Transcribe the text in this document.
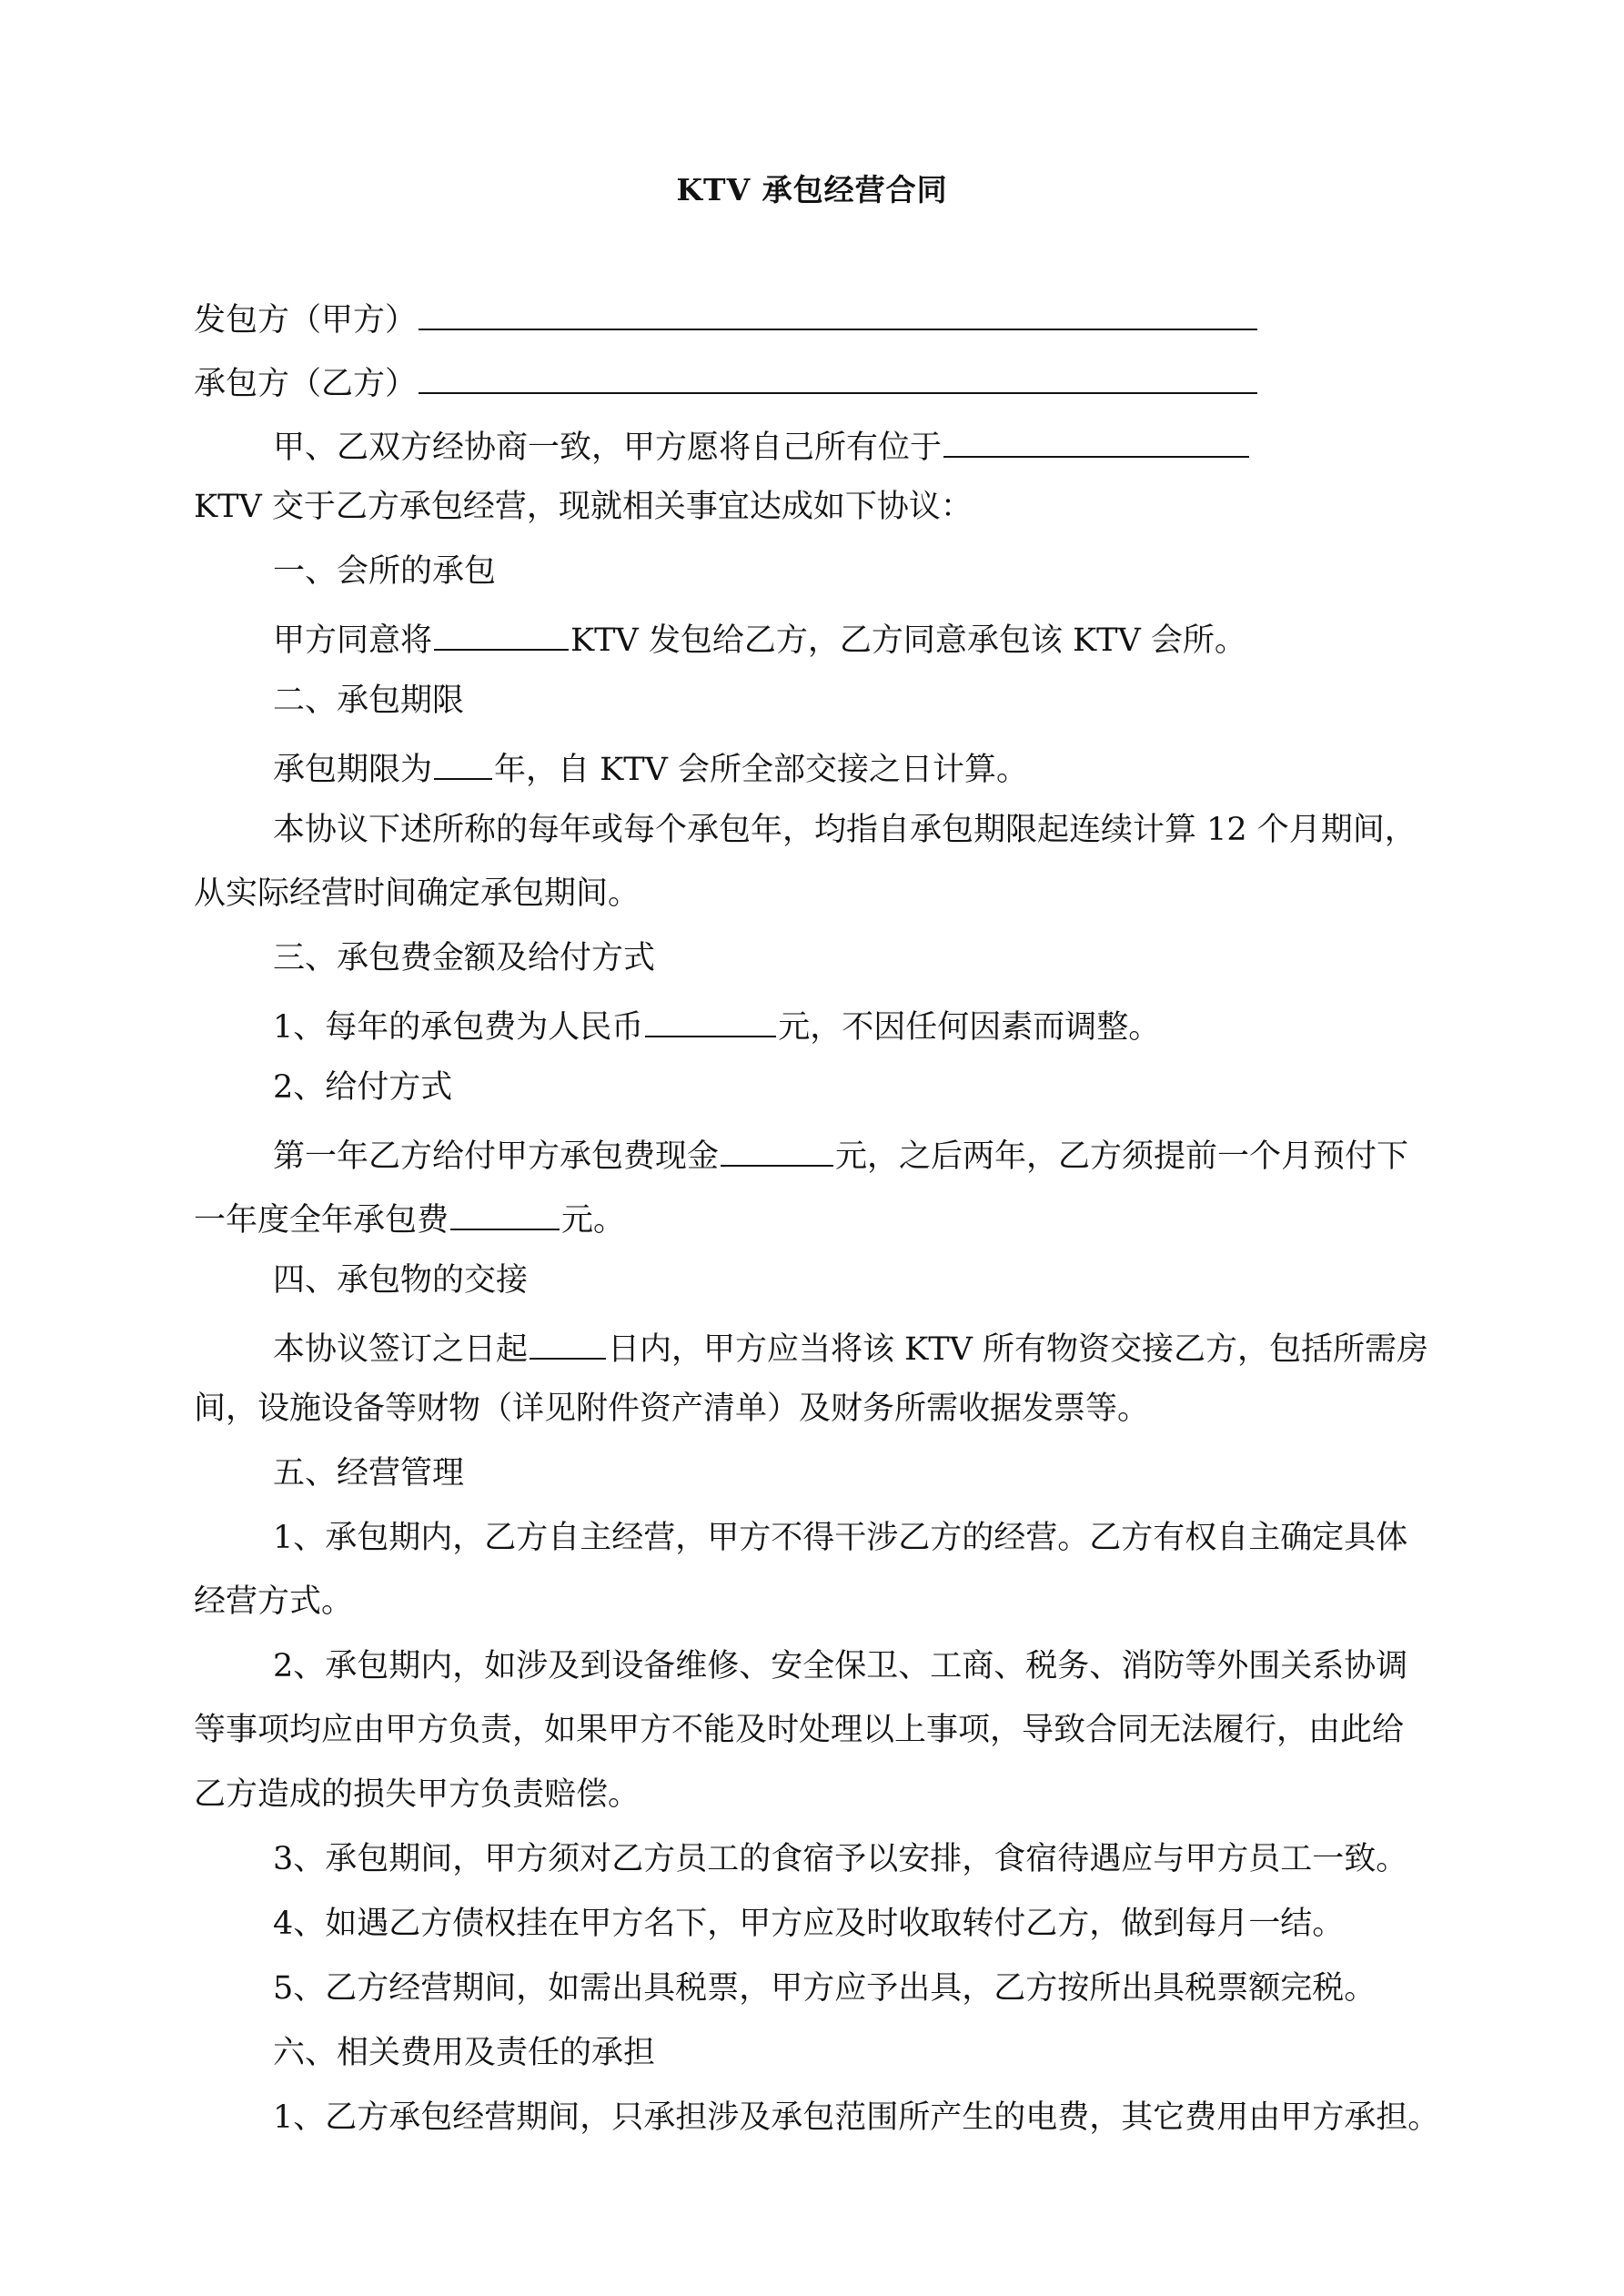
KTV 承包经营合同
发包方（甲方）
承包方（乙方）
甲、乙双方经协商一致，甲方愿将自己所有位于
KTV 交于乙方承包经营，现就相关事宜达成如下协议：
一、会所的承包
甲方同意将	KTV 发包给乙方，乙方同意承包该 KTV 会所。
二、承包期限
承包期限为 年，自 KTV 会所全部交接之日计算。
本协议下述所称的每年或每个承包年，均指自承包期限起连续计算 12 个月期间，
从实际经营时间确定承包期间。
三、承包费金额及给付方式
1、每年的承包费为人民币	元，不因任何因素而调整。
2、给付方式
第一年乙方给付甲方承包费现金	元，之后两年，乙方须提前一个月预付下
一年度全年承包费	元。
四、承包物的交接
本协议签订之日起	日内，甲方应当将该 KTV 所有物资交接乙方，包括所需房
间，设施设备等财物（详见附件资产清单）及财务所需收据发票等。
五、经营管理
1、承包期内，乙方自主经营，甲方不得干涉乙方的经营。乙方有权自主确定具体
经营方式。
2、承包期内，如涉及到设备维修、安全保卫、工商、税务、消防等外围关系协调
等事项均应由甲方负责，如果甲方不能及时处理以上事项，导致合同无法履行，由此给
乙方造成的损失甲方负责赔偿。
3、承包期间，甲方须对乙方员工的食宿予以安排，食宿待遇应与甲方员工一致。
4、如遇乙方债权挂在甲方名下，甲方应及时收取转付乙方，做到每月一结。
5、乙方经营期间，如需出具税票，甲方应予出具，乙方按所出具税票额完税。
六、相关费用及责任的承担
1、乙方承包经营期间，只承担涉及承包范围所产生的电费，其它费用由甲方承担。
